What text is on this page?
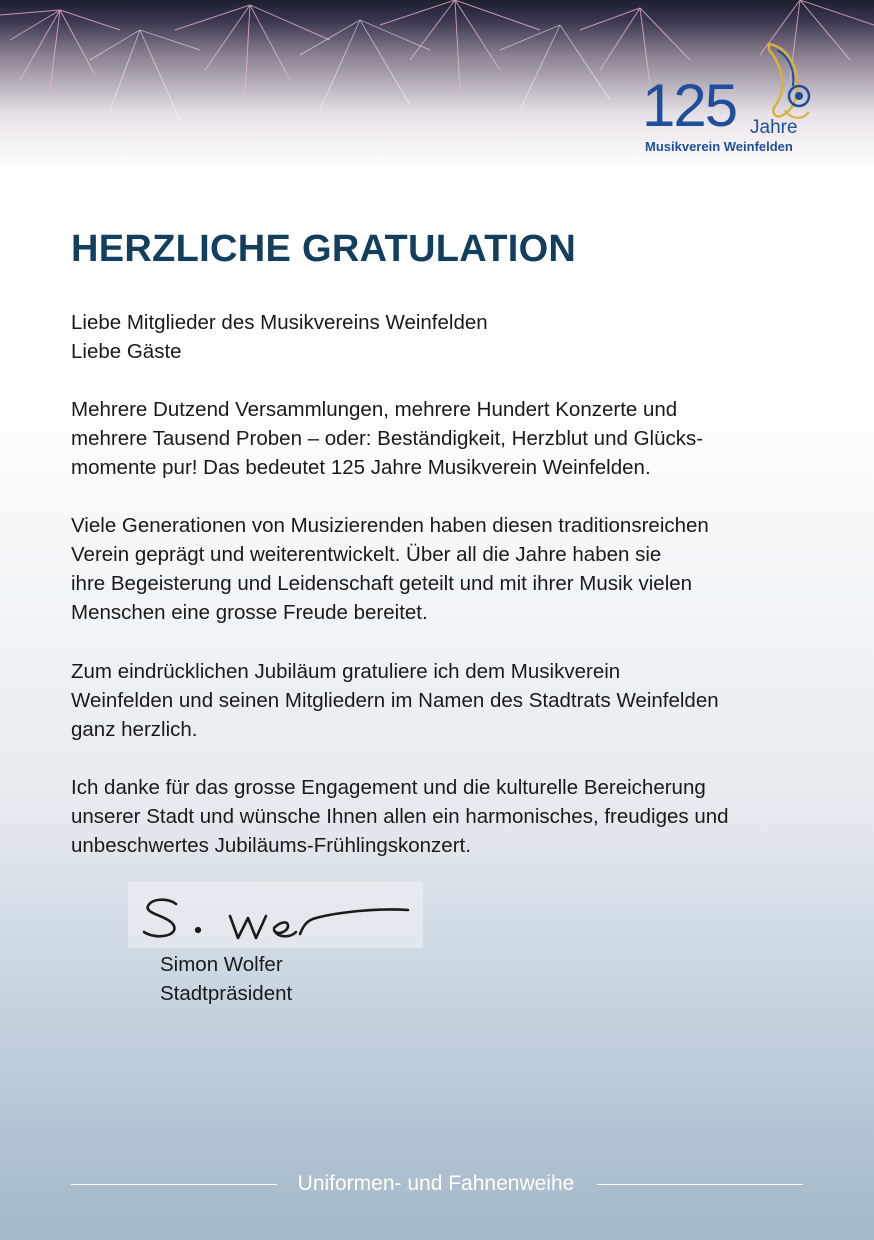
125 Jahre
Musikverein Weinfelden
HERZLICHE GRATULATION

Liebe Mitglieder des Musikvereins Weinfelden
Liebe Gäste

Mehrere Dutzend Versammlungen, mehrere Hundert Konzerte und
mehrere Tausend Proben – oder: Beständigkeit, Herzblut und Glücks-
momente pur! Das bedeutet 125 Jahre Musikverein Weinfelden.

Viele Generationen von Musizierenden haben diesen traditionsreichen
Verein geprägt und weiterentwickelt. Über all die Jahre haben sie
ihre Begeisterung und Leidenschaft geteilt und mit ihrer Musik vielen
Menschen eine grosse Freude bereitet.

Zum eindrücklichen Jubiläum gratuliere ich dem Musikverein
Weinfelden und seinen Mitgliedern im Namen des Stadtrats Weinfelden
ganz herzlich.

Ich danke für das grosse Engagement und die kulturelle Bereicherung
unserer Stadt und wünsche Ihnen allen ein harmonisches, freudiges und
unbeschwertes Jubiläums-Frühlingskonzert.

Simon Wolfer
Stadtpräsident
Uniformen- und Fahnenweihe
